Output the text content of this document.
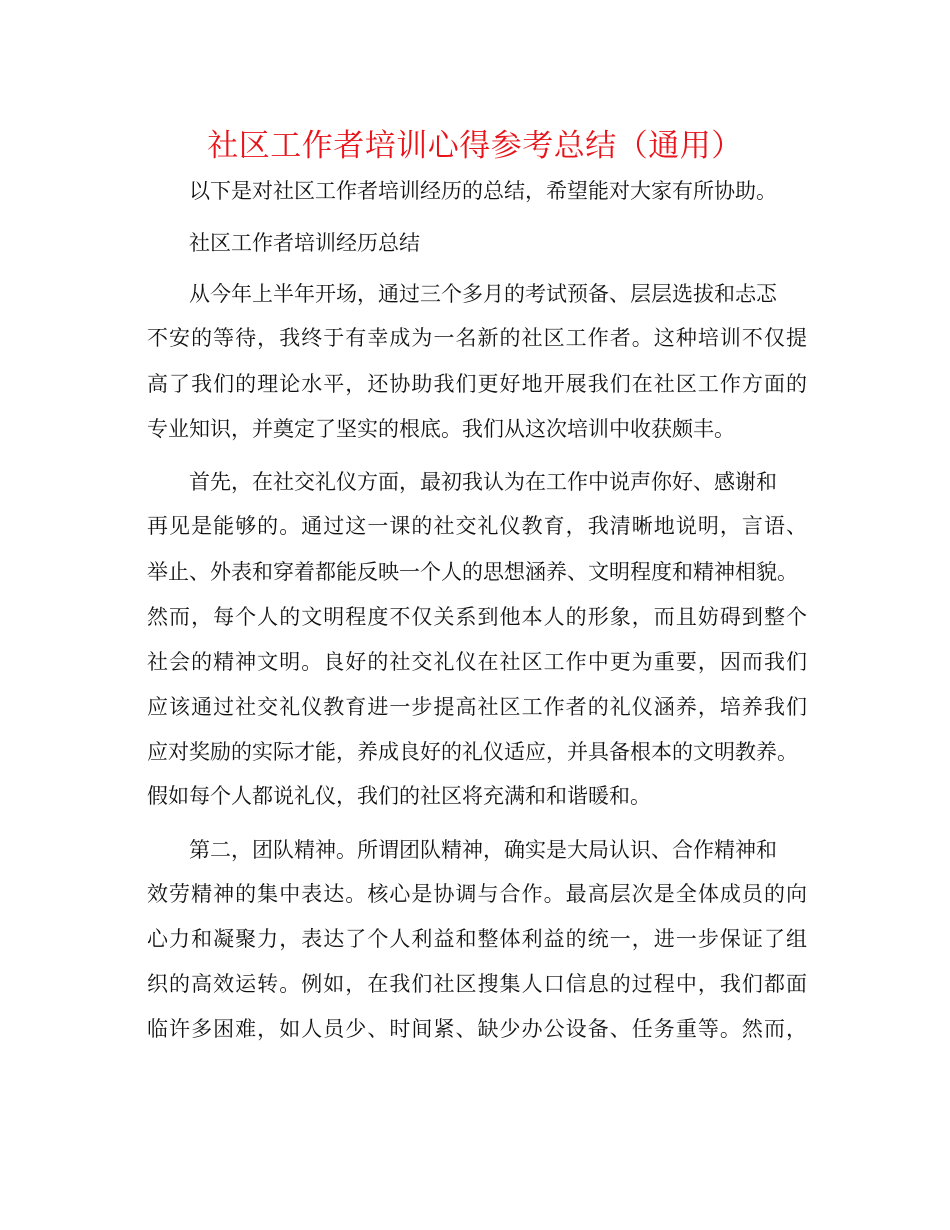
社区工作者培训心得参考总结（通用）
以下是对社区工作者培训经历的总结，希望能对大家有所协助。
社区工作者培训经历总结
从今年上半年开场，通过三个多月的考试预备、层层选拔和忐忑
不安的等待，我终于有幸成为一名新的社区工作者。这种培训不仅提
高了我们的理论水平，还协助我们更好地开展我们在社区工作方面的
专业知识，并奠定了坚实的根底。我们从这次培训中收获颇丰。
首先，在社交礼仪方面，最初我认为在工作中说声你好、感谢和
再见是能够的。通过这一课的社交礼仪教育，我清晰地说明，言语、
举止、外表和穿着都能反映一个人的思想涵养、文明程度和精神相貌。
然而，每个人的文明程度不仅关系到他本人的形象，而且妨碍到整个
社会的精神文明。良好的社交礼仪在社区工作中更为重要，因而我们
应该通过社交礼仪教育进一步提高社区工作者的礼仪涵养，培养我们
应对奖励的实际才能，养成良好的礼仪适应，并具备根本的文明教养。
假如每个人都说礼仪，我们的社区将充满和和谐暖和。
第二，团队精神。所谓团队精神，确实是大局认识、合作精神和
效劳精神的集中表达。核心是协调与合作。最高层次是全体成员的向
心力和凝聚力，表达了个人利益和整体利益的统一，进一步保证了组
织的高效运转。例如，在我们社区搜集人口信息的过程中，我们都面
临许多困难，如人员少、时间紧、缺少办公设备、任务重等。然而，
